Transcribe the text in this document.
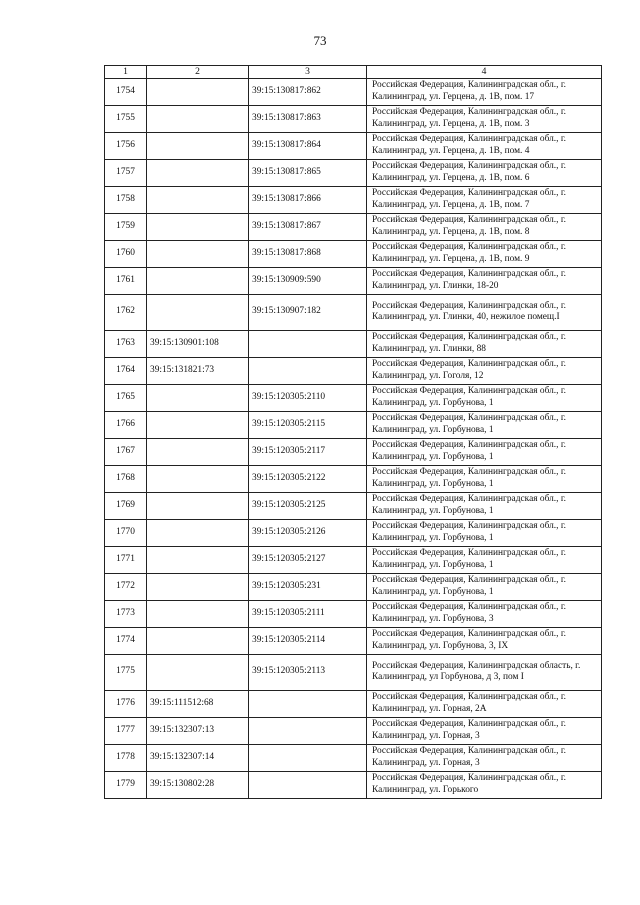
73
1	2	3	4
1754		39:15:130817:862	Российская Федерация, Калининградская обл., г. Калининград, ул. Герцена, д. 1В, пом. 17
1755		39:15:130817:863	Российская Федерация, Калининградская обл., г. Калининград, ул. Герцена, д. 1В, пом. 3
1756		39:15:130817:864	Российская Федерация, Калининградская обл., г. Калининград, ул. Герцена, д. 1В, пом. 4
1757		39:15:130817:865	Российская Федерация, Калининградская обл., г. Калининград, ул. Герцена, д. 1В, пом. 6
1758		39:15:130817:866	Российская Федерация, Калининградская обл., г. Калининград, ул. Герцена, д. 1В, пом. 7
1759		39:15:130817:867	Российская Федерация, Калининградская обл., г. Калининград, ул. Герцена, д. 1В, пом. 8
1760		39:15:130817:868	Российская Федерация, Калининградская обл., г. Калининград, ул. Герцена, д. 1В, пом. 9
1761		39:15:130909:590	Российская Федерация, Калининградская обл., г. Калининград, ул. Глинки, 18-20
1762		39:15:130907:182	Российская Федерация, Калининградская обл., г. Калининград, ул. Глинки, 40, нежилое помещ.I
1763	39:15:130901:108		Российская Федерация, Калининградская обл., г. Калининград, ул. Глинки, 88
1764	39:15:131821:73		Российская Федерация, Калининградская обл., г. Калининград, ул. Гоголя, 12
1765		39:15:120305:2110	Российская Федерация, Калининградская обл., г. Калининград, ул. Горбунова, 1
1766		39:15:120305:2115	Российская Федерация, Калининградская обл., г. Калининград, ул. Горбунова, 1
1767		39:15:120305:2117	Российская Федерация, Калининградская обл., г. Калининград, ул. Горбунова, 1
1768		39:15:120305:2122	Российская Федерация, Калининградская обл., г. Калининград, ул. Горбунова, 1
1769		39:15:120305:2125	Российская Федерация, Калининградская обл., г. Калининград, ул. Горбунова, 1
1770		39:15:120305:2126	Российская Федерация, Калининградская обл., г. Калининград, ул. Горбунова, 1
1771		39:15:120305:2127	Российская Федерация, Калининградская обл., г. Калининград, ул. Горбунова, 1
1772		39:15:120305:231	Российская Федерация, Калининградская обл., г. Калининград, ул. Горбунова, 1
1773		39:15:120305:2111	Российская Федерация, Калининградская обл., г. Калининград, ул. Горбунова, 3
1774		39:15:120305:2114	Российская Федерация, Калининградская обл., г. Калининград, ул. Горбунова, 3, IX
1775		39:15:120305:2113	Российская Федерация, Калининградская область, г. Калининград, ул Горбунова, д 3, пом I
1776	39:15:111512:68		Российская Федерация, Калининградская обл., г. Калининград, ул. Горная, 2А
1777	39:15:132307:13		Российская Федерация, Калининградская обл., г. Калининград, ул. Горная, 3
1778	39:15:132307:14		Российская Федерация, Калининградская обл., г. Калининград, ул. Горная, 3
1779	39:15:130802:28		Российская Федерация, Калининградская обл., г. Калининград, ул. Горького
